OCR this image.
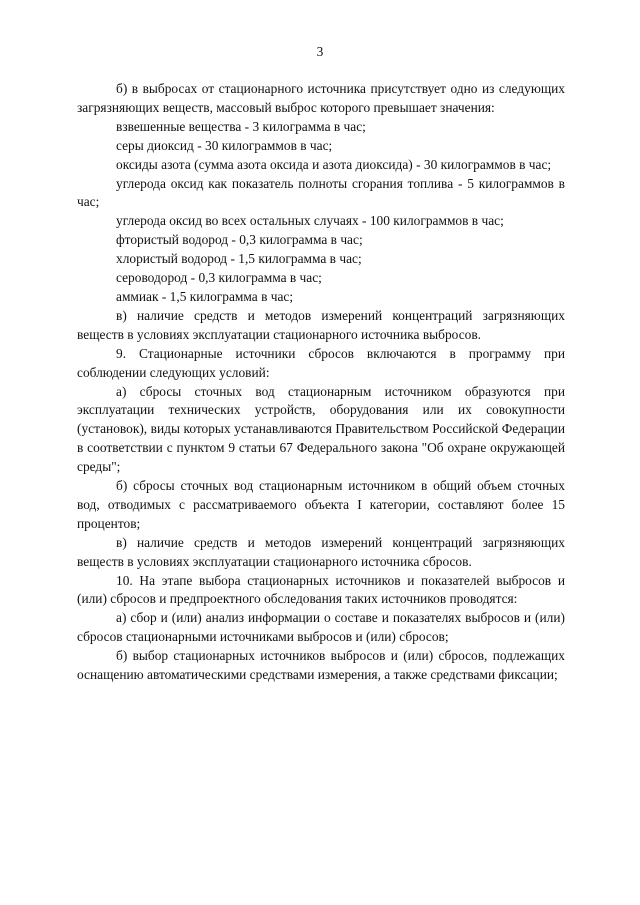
3

б) в выбросах от стационарного источника присутствует одно из следующих загрязняющих веществ, массовый выброс которого превышает значения:

взвешенные вещества - 3 килограмма в час;

серы диоксид - 30 килограммов в час;

оксиды азота (сумма азота оксида и азота диоксида) - 30 килограммов в час;

углерода оксид как показатель полноты сгорания топлива - 5 килограммов в час;

углерода оксид во всех остальных случаях - 100 килограммов в час;

фтористый водород - 0,3 килограмма в час;

хлористый водород - 1,5 килограмма в час;

сероводород - 0,3 килограмма в час;

аммиак - 1,5 килограмма в час;

в) наличие средств и методов измерений концентраций загрязняющих веществ в условиях эксплуатации стационарного источника выбросов.

9. Стационарные источники сбросов включаются в программу при соблюдении следующих условий:

а) сбросы сточных вод стационарным источником образуются при эксплуатации технических устройств, оборудования или их совокупности (установок), виды которых устанавливаются Правительством Российской Федерации в соответствии с пунктом 9 статьи 67 Федерального закона "Об охране окружающей среды";

б) сбросы сточных вод стационарным источником в общий объем сточных вод, отводимых с рассматриваемого объекта I категории, составляют более 15 процентов;

в) наличие средств и методов измерений концентраций загрязняющих веществ в условиях эксплуатации стационарного источника сбросов.

10. На этапе выбора стационарных источников и показателей выбросов и (или) сбросов и предпроектного обследования таких источников проводятся:

а) сбор и (или) анализ информации о составе и показателях выбросов и (или) сбросов стационарными источниками выбросов и (или) сбросов;

б) выбор стационарных источников выбросов и (или) сбросов, подлежащих оснащению автоматическими средствами измерения, а также средствами фиксации;
